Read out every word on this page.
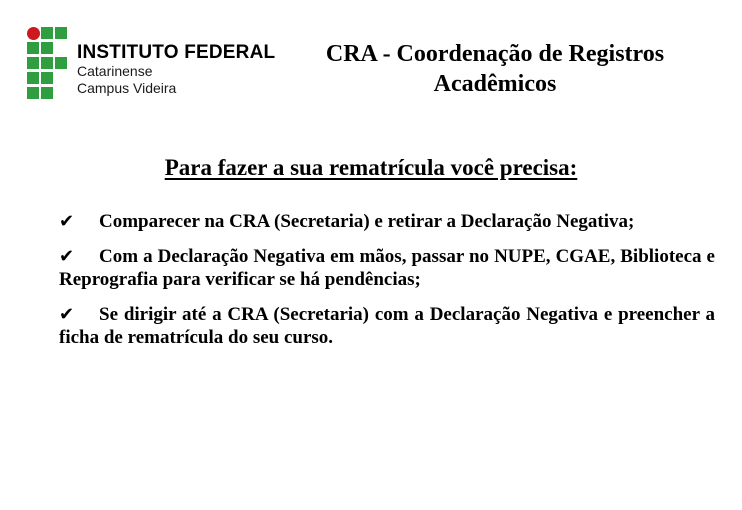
INSTITUTO FEDERAL
Catarinense
Campus Videira
CRA - Coordenação de Registros
Acadêmicos
Para fazer a sua rematrícula você precisa:
✔ Comparecer na CRA (Secretaria) e retirar a Declaração Negativa;
✔ Com a Declaração Negativa em mãos, passar no NUPE, CGAE, Biblioteca e Reprografia para verificar se há pendências;
✔ Se dirigir até a CRA (Secretaria) com a Declaração Negativa e preencher a ficha de rematrícula do seu curso.
